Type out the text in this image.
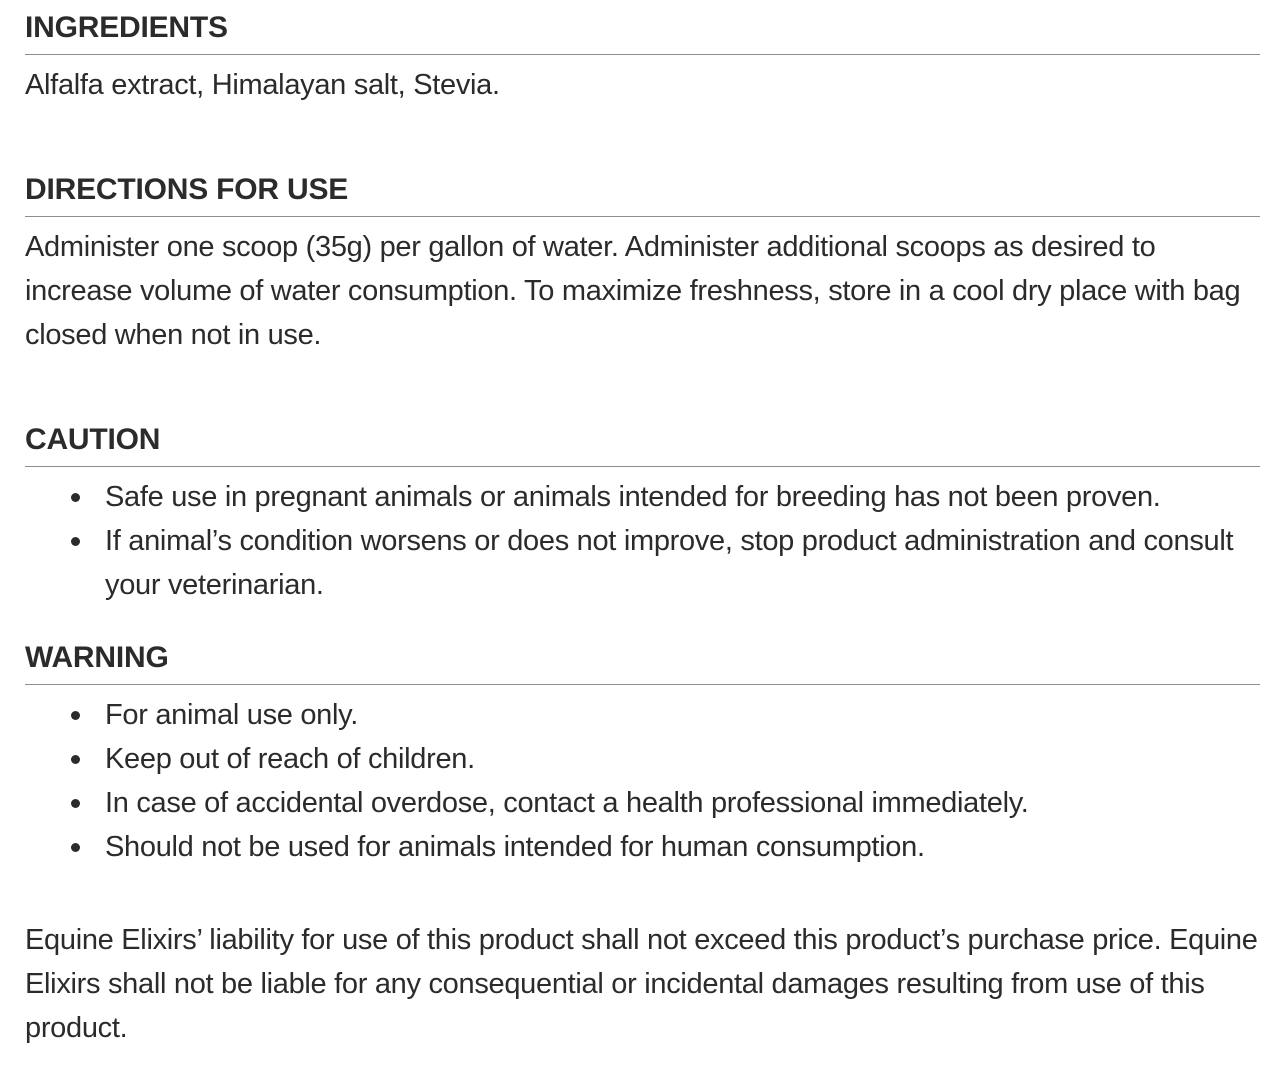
INGREDIENTS

Alfalfa extract, Himalayan salt, Stevia.

DIRECTIONS FOR USE

Administer one scoop (35g) per gallon of water. Administer additional scoops as desired to increase volume of water consumption. To maximize freshness, store in a cool dry place with bag closed when not in use.

CAUTION
Safe use in pregnant animals or animals intended for breeding has not been proven.
If animal’s condition worsens or does not improve, stop product administration and consult your veterinarian.
WARNING
For animal use only.
Keep out of reach of children.
In case of accidental overdose, contact a health professional immediately.
Should not be used for animals intended for human consumption.

Equine Elixirs’ liability for use of this product shall not exceed this product’s purchase price. Equine Elixirs shall not be liable for any consequential or incidental damages resulting from use of this product.
